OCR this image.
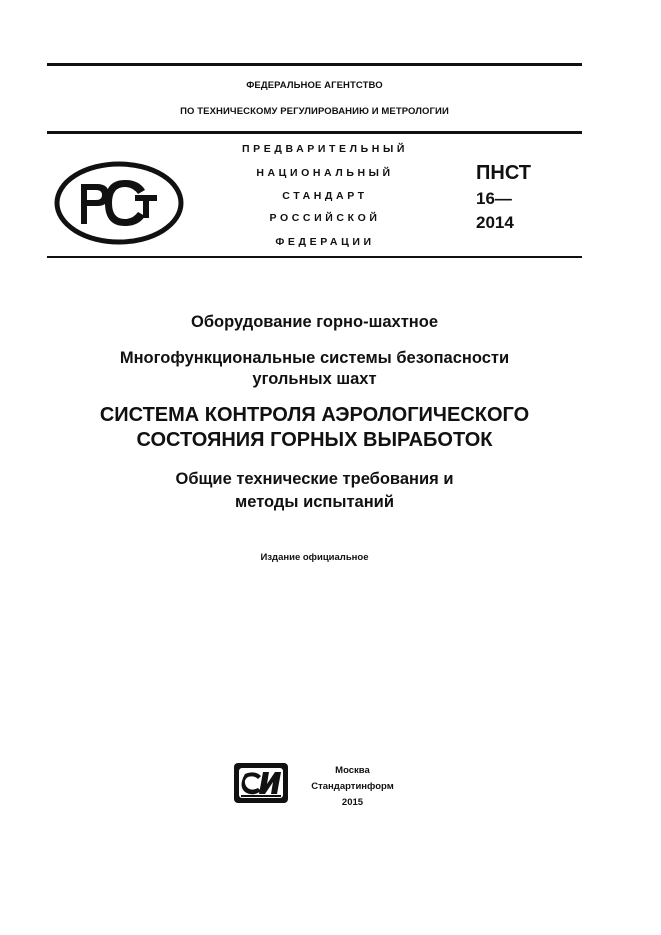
ФЕДЕРАЛЬНОЕ АГЕНТСТВО
ПО ТЕХНИЧЕСКОМУ РЕГУЛИРОВАНИЮ И МЕТРОЛОГИИ
ПРЕДВАРИТЕЛЬНЫЙ
НАЦИОНАЛЬНЫЙ
СТАНДАРТ
РОССИЙСКОЙ
ФЕДЕРАЦИИ
ПНСТ
16—
2014
Оборудование горно-шахтное
Многофункциональные системы безопасности
угольных шахт
СИСТЕМА КОНТРОЛЯ АЭРОЛОГИЧЕСКОГО
СОСТОЯНИЯ ГОРНЫХ ВЫРАБОТОК
Общие технические требования и
методы испытаний
Издание официальное
Москва
Стандартинформ
2015
